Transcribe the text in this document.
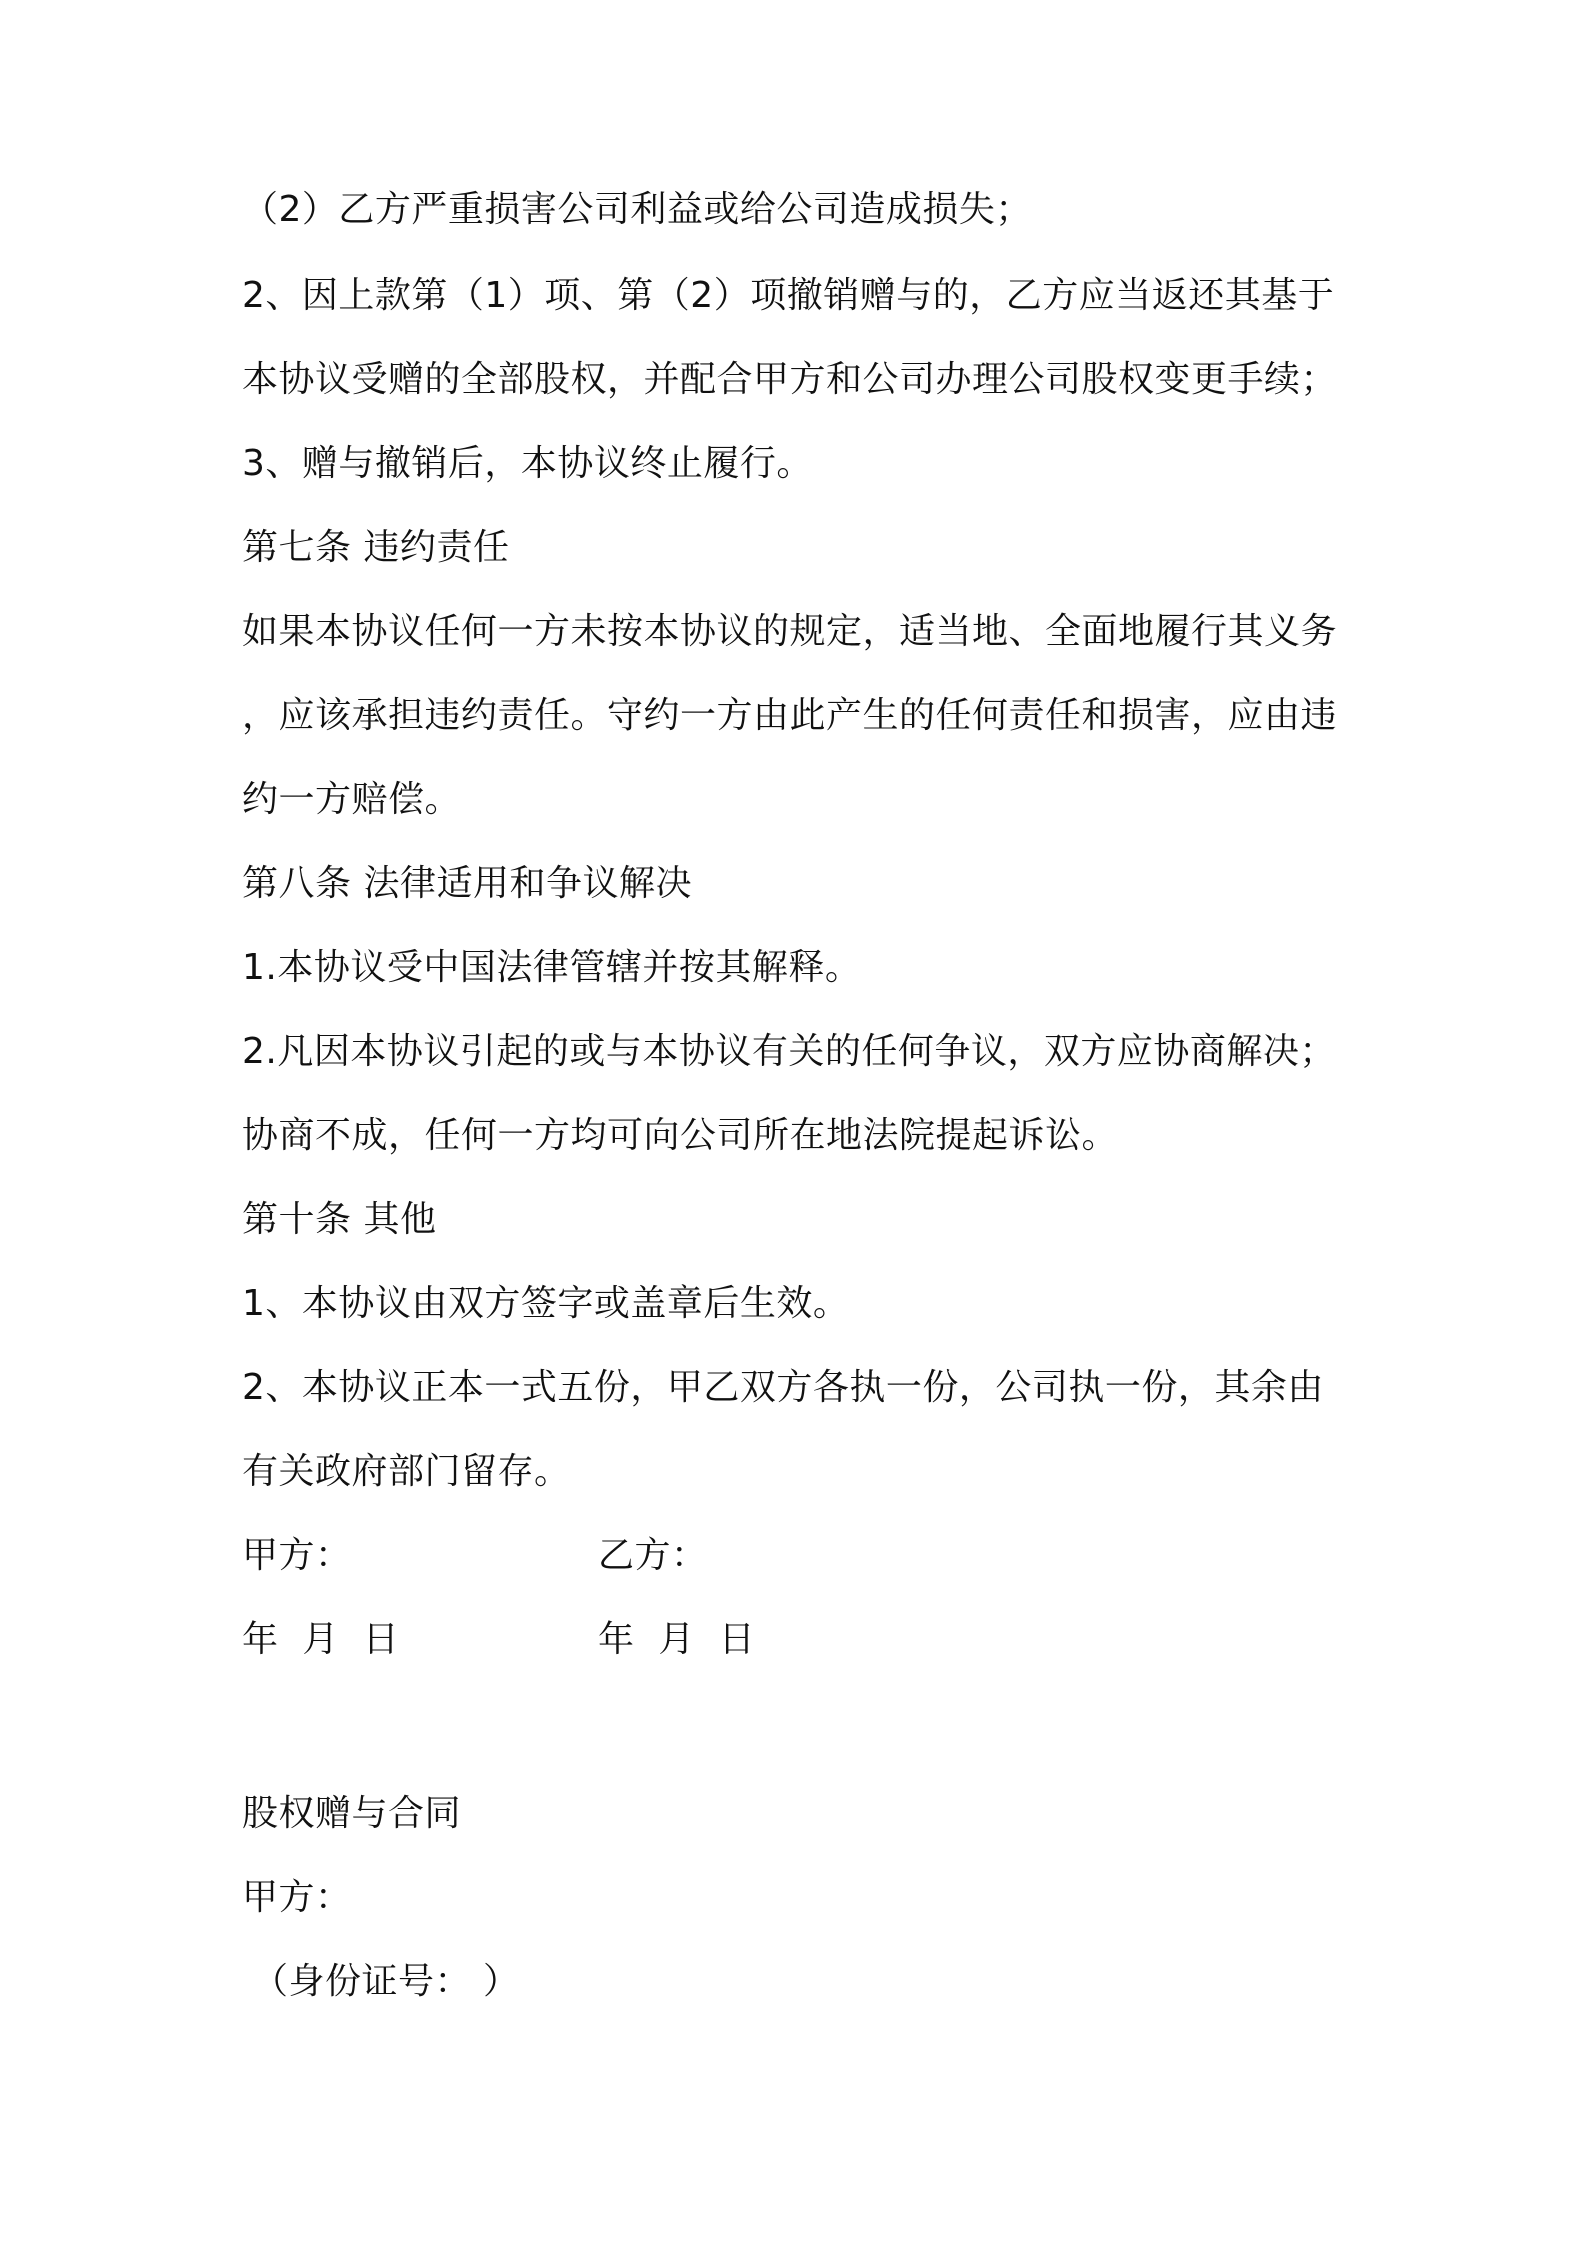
（2）乙方严重损害公司利益或给公司造成损失；
2、因上款第（1）项、第（2）项撤销赠与的，乙方应当返还其基于
本协议受赠的全部股权，并配合甲方和公司办理公司股权变更手续；
3、赠与撤销后，本协议终止履行。
第七条 违约责任
如果本协议任何一方未按本协议的规定，适当地、全面地履行其义务
，应该承担违约责任。守约一方由此产生的任何责任和损害，应由违
约一方赔偿。
第八条 法律适用和争议解决
1.本协议受中国法律管辖并按其解释。
2.凡因本协议引起的或与本协议有关的任何争议，双方应协商解决；
协商不成，任何一方均可向公司所在地法院提起诉讼。
第十条 其他
1、本协议由双方签字或盖章后生效。
2、本协议正本一式五份，甲乙双方各执一份，公司执一份，其余由
有关政府部门留存。
甲方：	乙方：
年  月  日	年  月  日
股权赠与合同
甲方：
（身份证号： ）
